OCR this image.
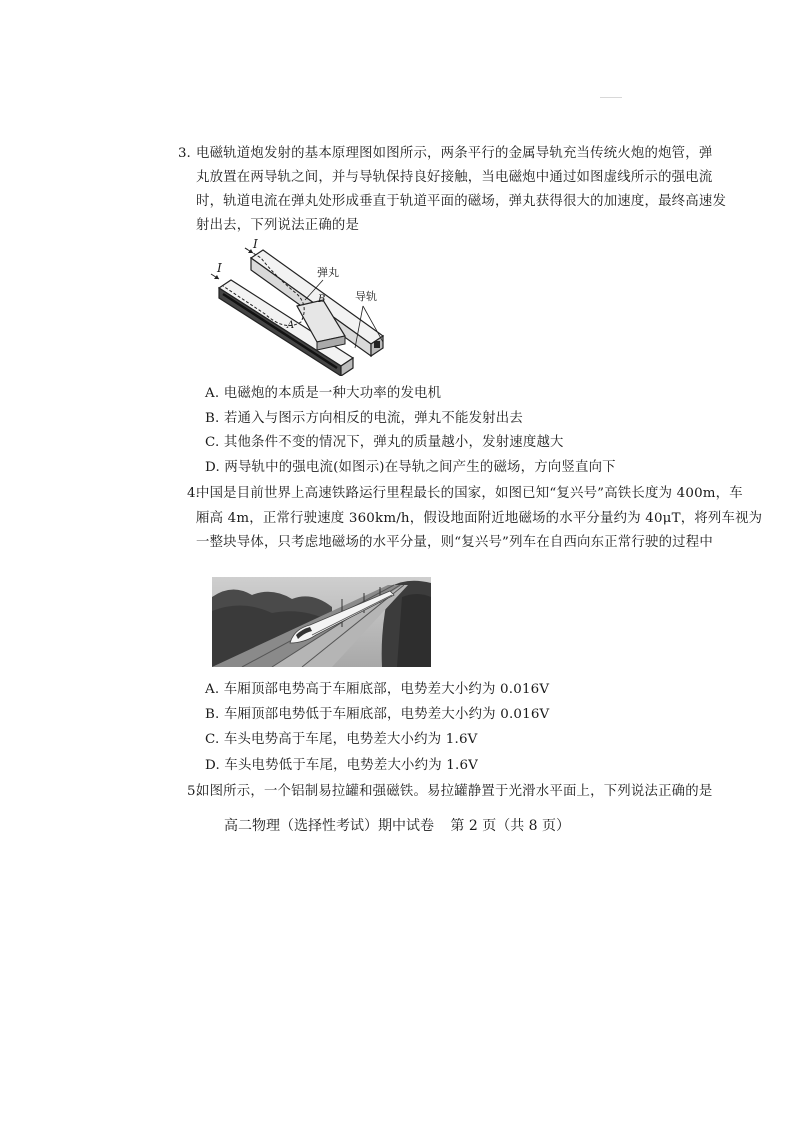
3. 电磁轨道炮发射的基本原理图如图所示，两条平行的金属导轨充当传统火炮的炮管，弹
丸放置在两导轨之间，并与导轨保持良好接触，当电磁炮中通过如图虚线所示的强电流
时，轨道电流在弹丸处形成垂直于轨道平面的磁场，弹丸获得很大的加速度，最终高速发
射出去，下列说法正确的是
I
I	弹丸
导轨
B
A
A. 电磁炮的本质是一种大功率的发电机
B. 若通入与图示方向相反的电流，弹丸不能发射出去
C. 其他条件不变的情况下，弹丸的质量越小，发射速度越大
D. 两导轨中的强电流(如图示)在导轨之间产生的磁场，方向竖直向下
4.
中国是目前世界上高速铁路运行里程最长的国家，如图已知“复兴号”高铁长度为 400m，车
厢高 4m，正常行驶速度 360km/h，假设地面附近地磁场的水平分量约为 40μT，将列车视为
一整块导体，只考虑地磁场的水平分量，则“复兴号”列车在自西向东正常行驶的过程中
A. 车厢顶部电势高于车厢底部，电势差大小约为 0.016V
B. 车厢顶部电势低于车厢底部，电势差大小约为 0.016V
C. 车头电势高于车尾，电势差大小约为 1.6V
D. 车头电势低于车尾，电势差大小约为 1.6V
5.
如图所示，一个铝制易拉罐和强磁铁。易拉罐静置于光滑水平面上，下列说法正确的是
高二物理（选择性考试）期中试卷 第 2 页（共 8 页）
